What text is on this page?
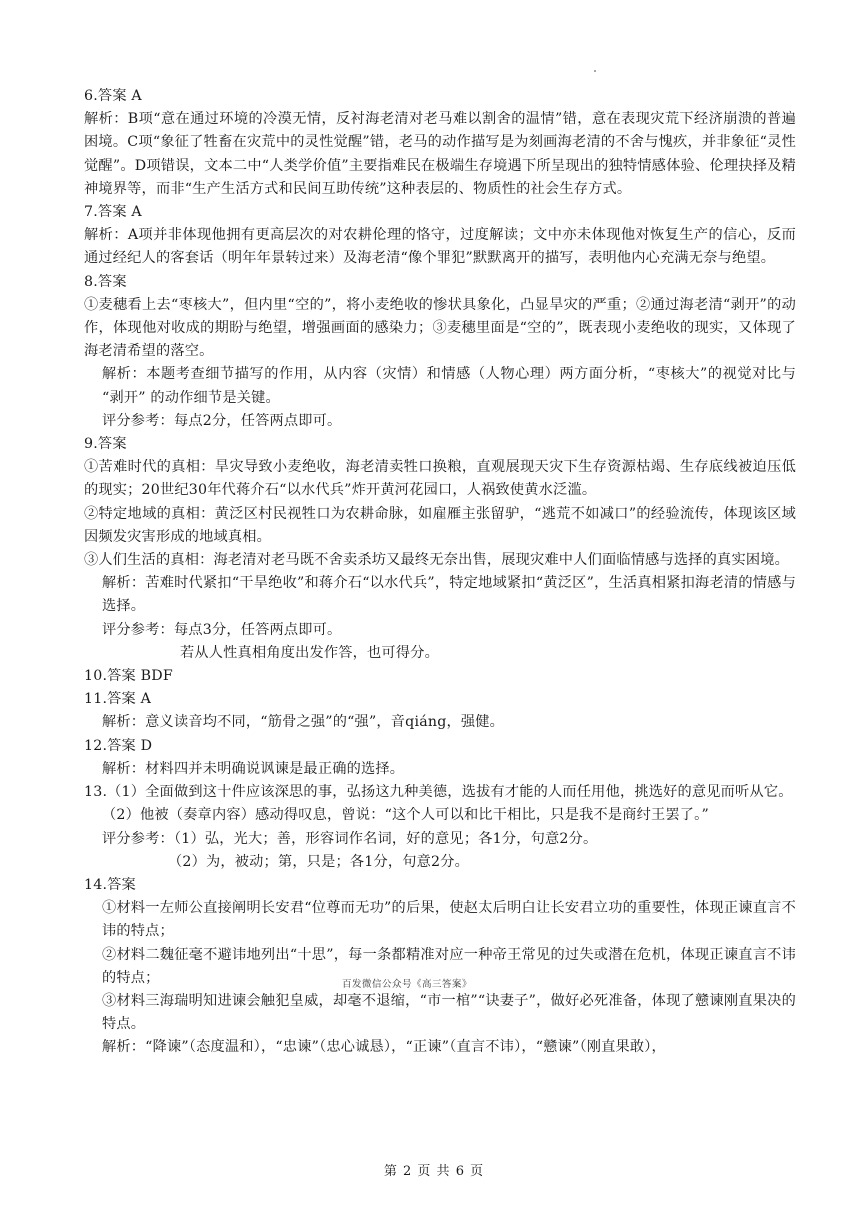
6.答案 A

解析：B项“意在通过环境的冷漠无情，反衬海老清对老马难以割舍的温情”错，意在表现灾荒下经济崩溃的普遍困境。C项“象征了牲畜在灾荒中的灵性觉醒”错，老马的动作描写是为刻画海老清的不舍与愧疚，并非象征“灵性觉醒”。D项错误，文本二中“人类学价值”主要指难民在极端生存境遇下所呈现出的独特情感体验、伦理抉择及精神境界等，而非“生产生活方式和民间互助传统”这种表层的、物质性的社会生存方式。

7.答案 A

解析：A项并非体现他拥有更高层次的对农耕伦理的恪守，过度解读；文中亦未体现他对恢复生产的信心，反而通过经纪人的客套话（明年年景转过来）及海老清“像个罪犯”默默离开的描写，表明他内心充满无奈与绝望。

8.答案

①麦穗看上去“枣核大”，但内里“空的”，将小麦绝收的惨状具象化，凸显旱灾的严重；②通过海老清“剥开”的动作，体现他对收成的期盼与绝望，增强画面的感染力；③麦穗里面是“空的”，既表现小麦绝收的现实，又体现了海老清希望的落空。

解析：本题考查细节描写的作用，从内容（灾情）和情感（人物心理）两方面分析，“枣核大”的视觉对比与 “剥开” 的动作细节是关键。

评分参考：每点2分，任答两点即可。

9.答案

①苦难时代的真相：旱灾导致小麦绝收，海老清卖牲口换粮，直观展现天灾下生存资源枯竭、生存底线被迫压低的现实；20世纪30年代蒋介石“以水代兵”炸开黄河花园口，人祸致使黄水泛滥。

②特定地域的真相：黄泛区村民视牲口为农耕命脉，如雇雁主张留驴，“逃荒不如减口”的经验流传，体现该区域因频发灾害形成的地域真相。

③人们生活的真相：海老清对老马既不舍卖杀坊又最终无奈出售，展现灾难中人们面临情感与选择的真实困境。

解析：苦难时代紧扣“干旱绝收”和蒋介石“以水代兵”，特定地域紧扣“黄泛区”，生活真相紧扣海老清的情感与选择。

评分参考：每点3分，任答两点即可。

若从人性真相角度出发作答，也可得分。

10.答案 BDF

11.答案 A

解析：意义读音均不同，“筋骨之强”的“强”，音qiáng，强健。

12.答案 D

解析：材料四并未明确说讽谏是最正确的选择。

13.（1）全面做到这十件应该深思的事，弘扬这九种美德，选拔有才能的人而任用他，挑选好的意见而听从它。

（2）他被（奏章内容）感动得叹息，曾说：“这个人可以和比干相比，只是我不是商纣王罢了。”

评分参考：（1）弘，光大；善，形容词作名词，好的意见；各1分，句意2分。

（2）为，被动；第，只是；各1分，句意2分。

14.答案

①材料一左师公直接阐明长安君“位尊而无功”的后果，使赵太后明白让长安君立功的重要性，体现正谏直言不讳的特点；

②材料二魏征毫不避讳地列出“十思”，每一条都精准对应一种帝王常见的过失或潜在危机，体现正谏直言不讳的特点；

③材料三海瑞明知进谏会触犯皇威，却毫不退缩，“市一棺”“诀妻子”，做好必死准备，体现了戆谏刚直果决的特点。

解析：“降谏”（态度温和），“忠谏”（忠心诚恳），“正谏”（直言不讳），“戆谏”（刚直果敢），

百发微信公众号《高三答案》
第 2 页 共 6 页
